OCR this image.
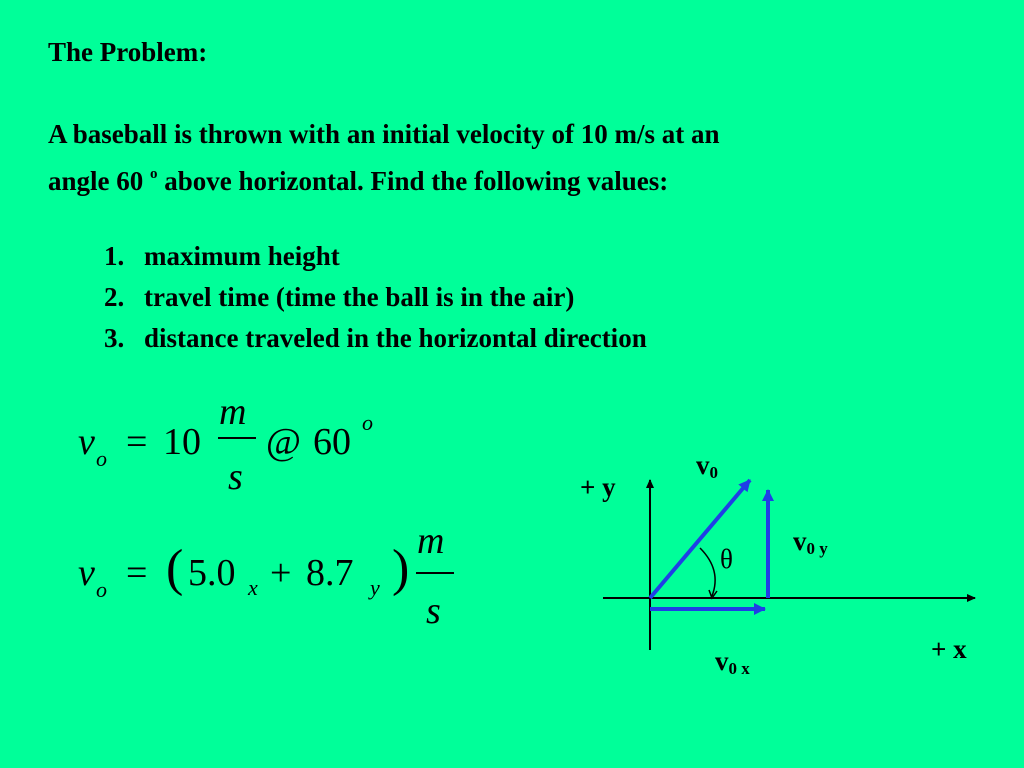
The Problem:
A baseball is thrown with an initial velocity of 10 m/s at an
angle 60 $^o$ above horizontal. Find the following values:
1. maximum height
2. travel time (time the ball is in the air)
3. distance traveled in the horizontal direction
v o = 10
m
s
@ 60 o
v o = ( 5.0 x + 8.7 y ) m
s
+ y
+ x
$v_0$
$v_{0 y}$
$v_{0 x}$
θ
